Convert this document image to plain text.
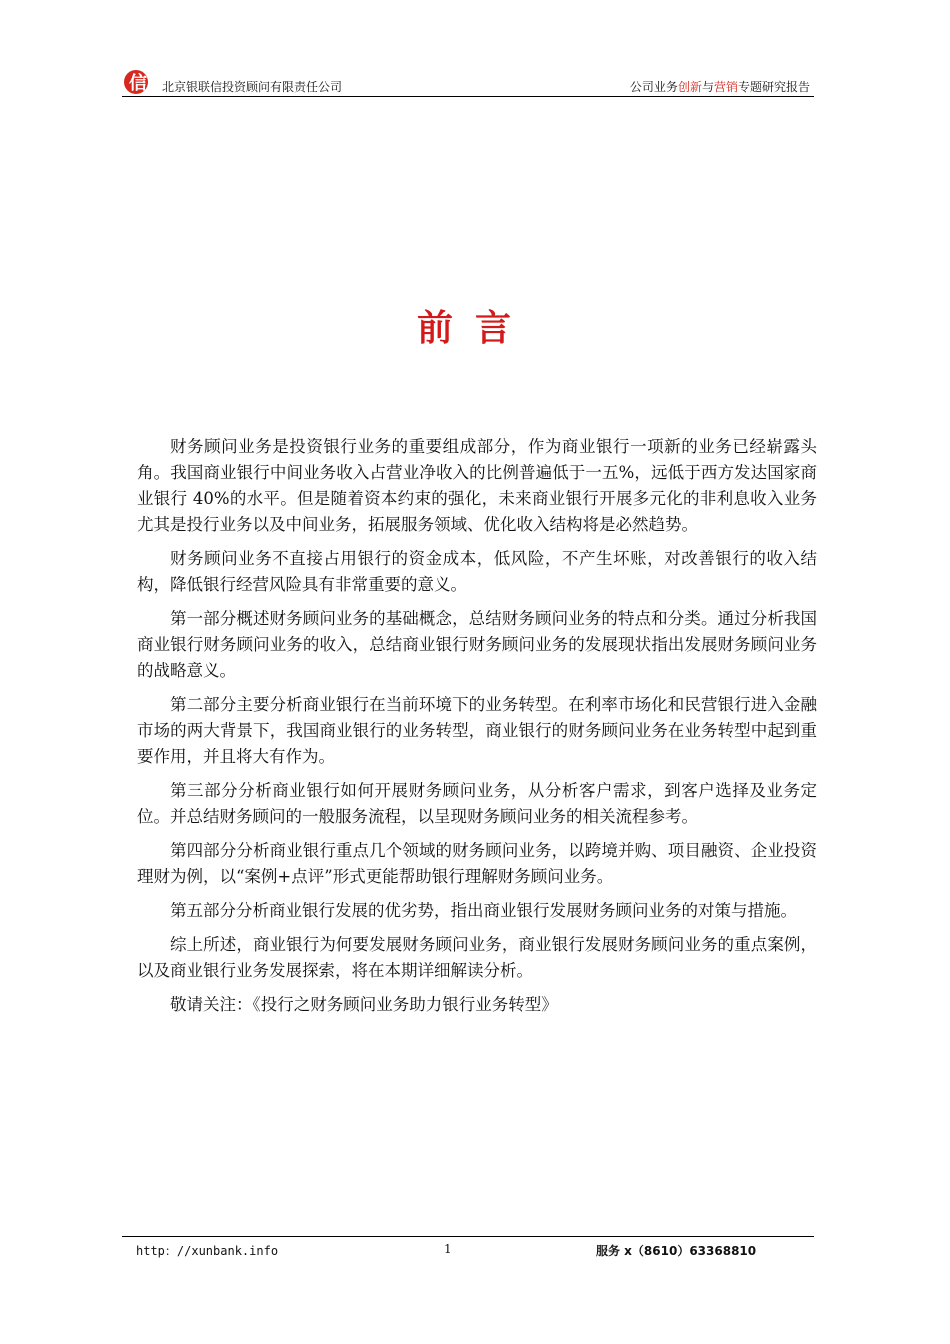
信 北京银联信投资顾问有限责任公司	公司业务创新与营销专题研究报告
前言

财务顾问业务是投资银行业务的重要组成部分，作为商业银行一项新的业务已经崭露头角。我国商业银行中间业务收入占营业净收入的比例普遍低于一五%，远低于西方发达国家商业银行 40%的水平。但是随着资本约束的强化，未来商业银行开展多元化的非利息收入业务尤其是投行业务以及中间业务，拓展服务领域、优化收入结构将是必然趋势。

财务顾问业务不直接占用银行的资金成本，低风险，不产生坏账，对改善银行的收入结构，降低银行经营风险具有非常重要的意义。

第一部分概述财务顾问业务的基础概念，总结财务顾问业务的特点和分类。通过分析我国商业银行财务顾问业务的收入，总结商业银行财务顾问业务的发展现状指出发展财务顾问业务的战略意义。

第二部分主要分析商业银行在当前环境下的业务转型。在利率市场化和民营银行进入金融市场的两大背景下，我国商业银行的业务转型，商业银行的财务顾问业务在业务转型中起到重要作用，并且将大有作为。

第三部分分析商业银行如何开展财务顾问业务，从分析客户需求，到客户选择及业务定位。并总结财务顾问的一般服务流程，以呈现财务顾问业务的相关流程参考。

第四部分分析商业银行重点几个领域的财务顾问业务，以跨境并购、项目融资、企业投资理财为例，以“案例+点评”形式更能帮助银行理解财务顾问业务。

第五部分分析商业银行发展的优劣势，指出商业银行发展财务顾问业务的对策与措施。

综上所述，商业银行为何要发展财务顾问业务，商业银行发展财务顾问业务的重点案例，以及商业银行业务发展探索，将在本期详细解读分析。

敬请关注：《投行之财务顾问业务助力银行业务转型》

http：//xunbank.info	1	服务 x（8610）63368810
